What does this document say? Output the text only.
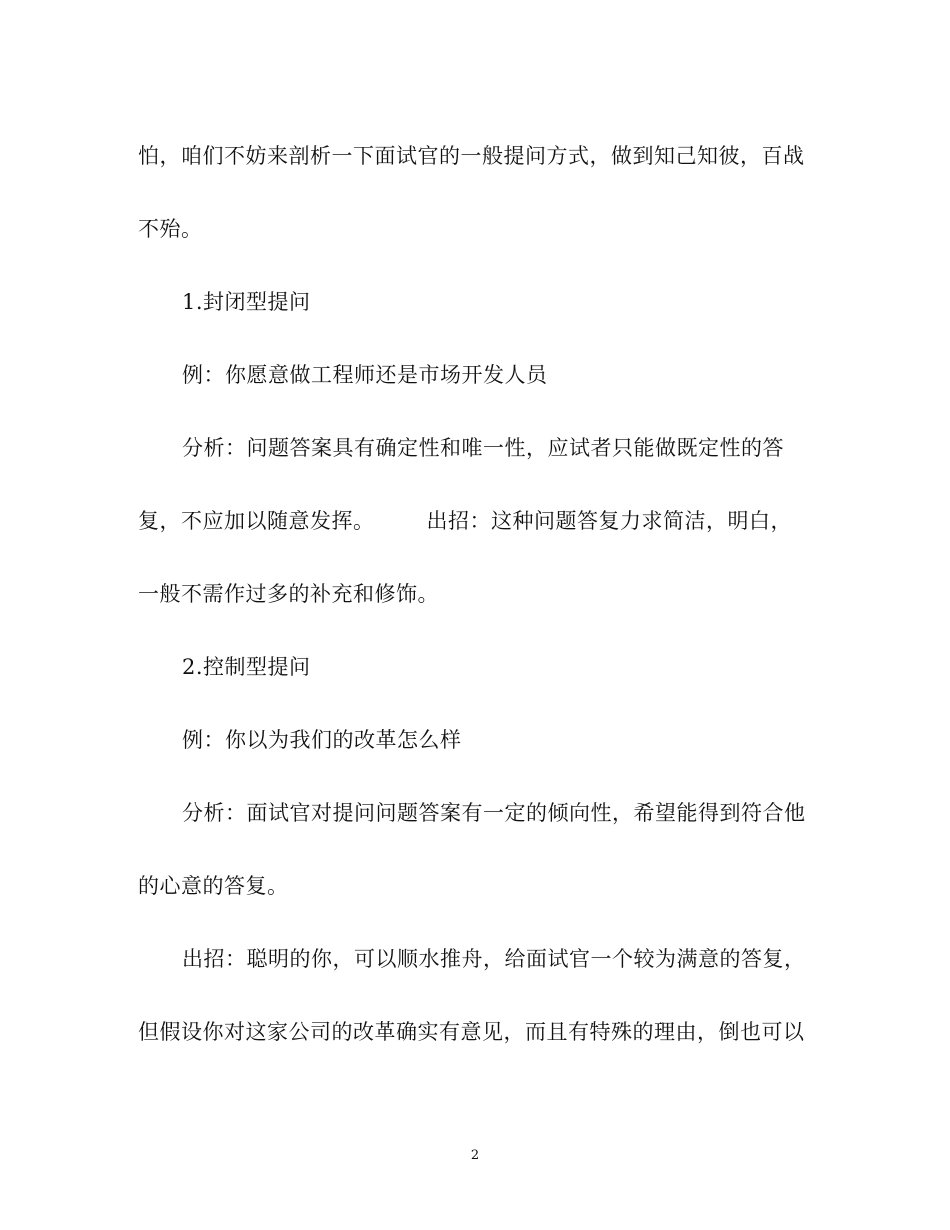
怕，咱们不妨来剖析一下面试官的一般提问方式，做到知己知彼，百战
不殆。
1.封闭型提问
例：你愿意做工程师还是市场开发人员
分析：问题答案具有确定性和唯一性，应试者只能做既定性的答
复，不应加以随意发挥。 出招：这种问题答复力求简洁，明白，
一般不需作过多的补充和修饰。
2.控制型提问
例：你以为我们的改革怎么样
分析：面试官对提问问题答案有一定的倾向性，希望能得到符合他
的心意的答复。
出招：聪明的你，可以顺水推舟，给面试官一个较为满意的答复，
但假设你对这家公司的改革确实有意见，而且有特殊的理由，倒也可以
2
